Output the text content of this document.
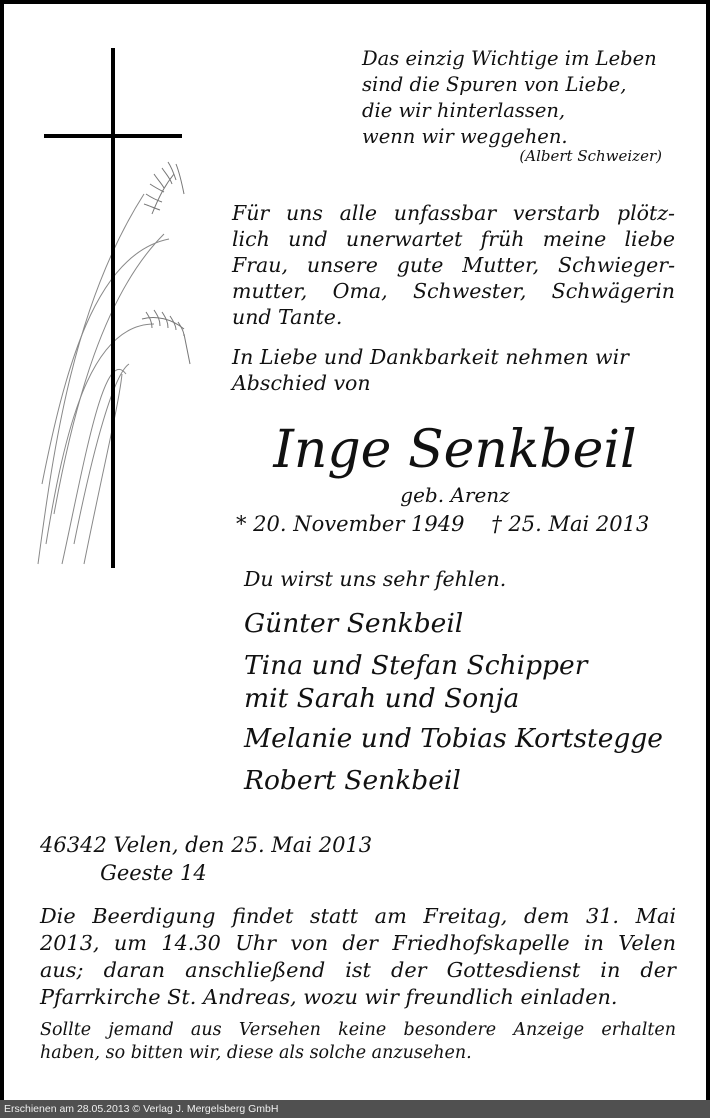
Das einzig Wichtige im Leben
sind die Spuren von Liebe,
die wir hinterlassen,
wenn wir weggehen.
(Albert Schweizer)
Für uns alle unfassbar verstarb plötz-
lich und unerwartet früh meine liebe
Frau, unsere gute Mutter, Schwieger-
mutter, Oma, Schwester, Schwägerin
und Tante.
In Liebe und Dankbarkeit nehmen wir
Abschied von
Inge Senkbeil
geb. Arenz
* 20. November 1949    † 25. Mai 2013
Du wirst uns sehr fehlen.
Günter Senkbeil
Tina und Stefan Schipper
mit Sarah und Sonja
Melanie und Tobias Kortstegge
Robert Senkbeil
46342 Velen, den 25. Mai 2013
Geeste 14
Die Beerdigung findet statt am Freitag, dem 31. Mai
2013, um 14.30 Uhr von der Friedhofskapelle in Velen
aus; daran anschließend ist der Gottesdienst in der
Pfarrkirche St. Andreas, wozu wir freundlich einladen.
Sollte jemand aus Versehen keine besondere Anzeige erhalten
haben, so bitten wir, diese als solche anzusehen.
Erschienen am 28.05.2013 © Verlag J. Mergelsberg GmbH
